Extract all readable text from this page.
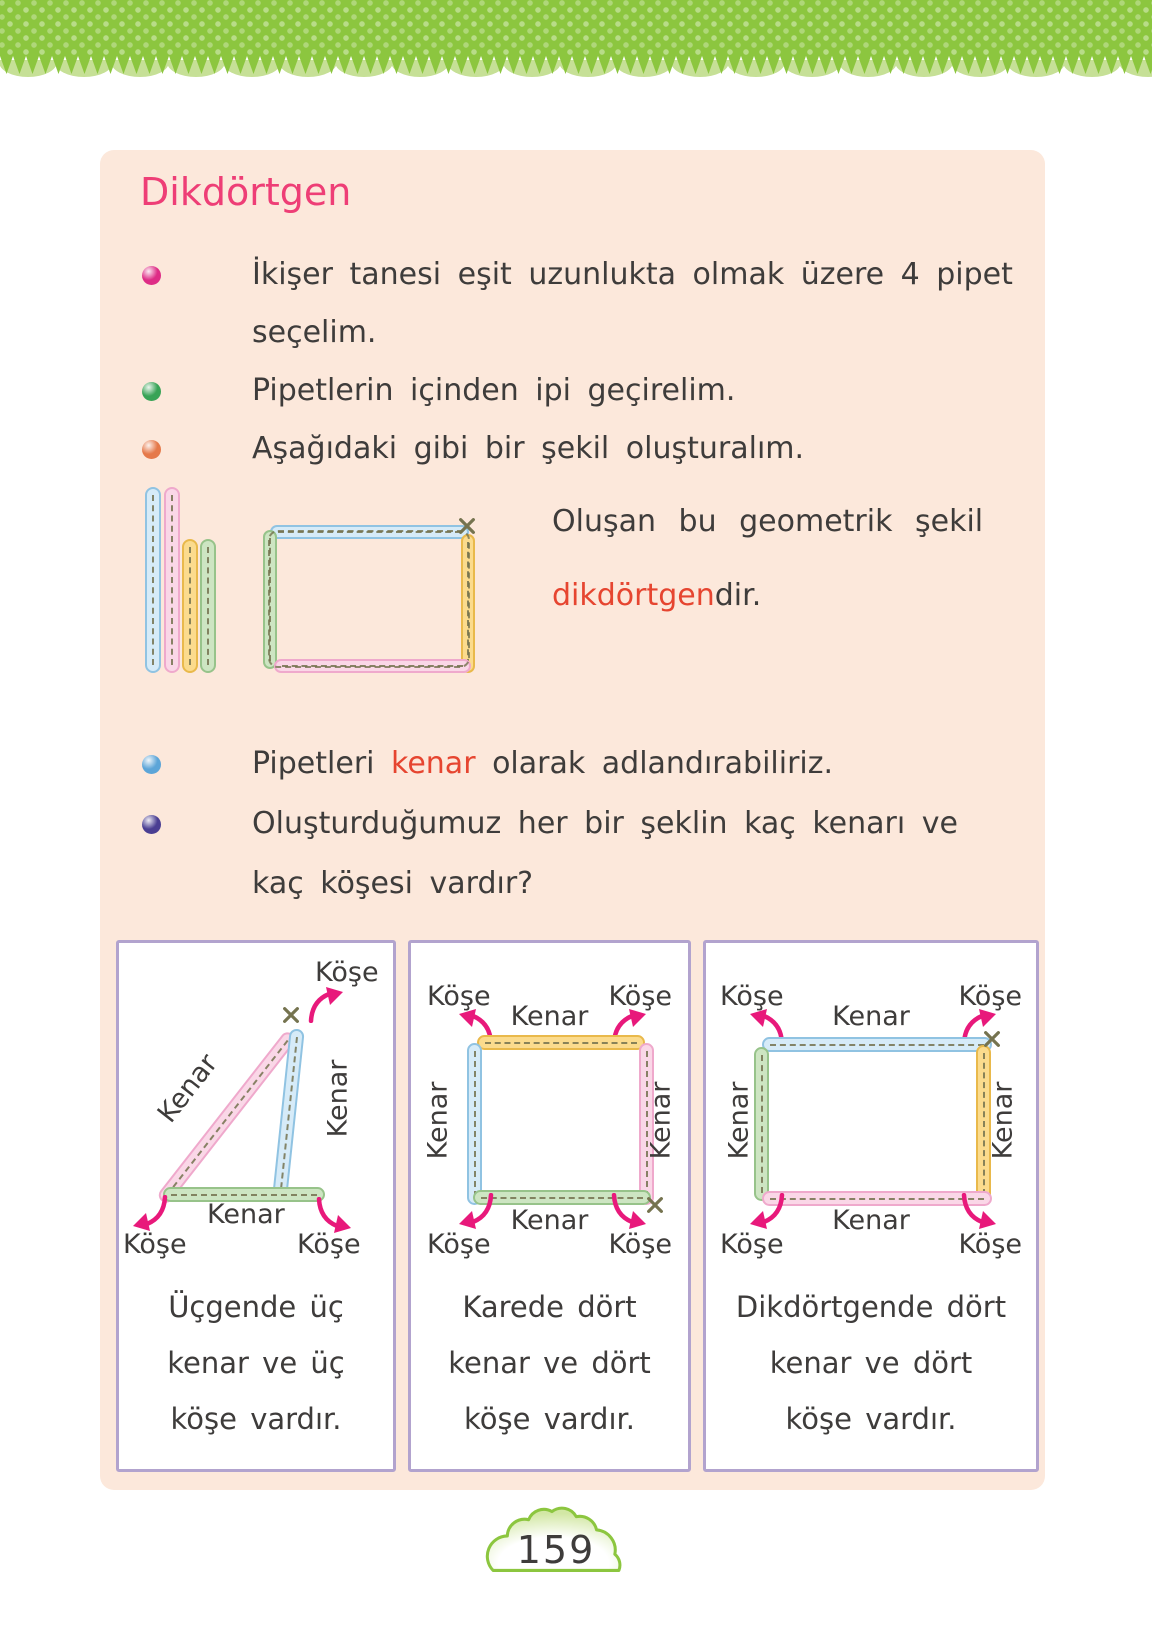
Dikdörtgen
İkişer tanesi eşit uzunlukta olmak üzere 4 pipet seçelim.
Pipetlerin içinden ipi geçirelim.
Aşağıdaki gibi bir şekil oluşturalım.
Oluşan bu geometrik şekil
dikdörtgendir.
Pipetleri kenar olarak adlandırabiliriz.
Oluşturduğumuz her bir şeklin kaç kenarı ve kaç köşesi vardır?
Köşe
Kenar	Kenar
Kenar
Köşe	Köşe
Üçgende üç
kenar ve üç
köşe vardır.
Köşe	Köşe
Kenar
Kenar	Kenar
Kenar
Köşe	Köşe
Karede dört
kenar ve dört
köşe vardır.
Köşe	Köşe
Kenar
Kenar	Kenar
Kenar
Köşe	Köşe
Dikdörtgende dört
kenar ve dört
köşe vardır.
159
